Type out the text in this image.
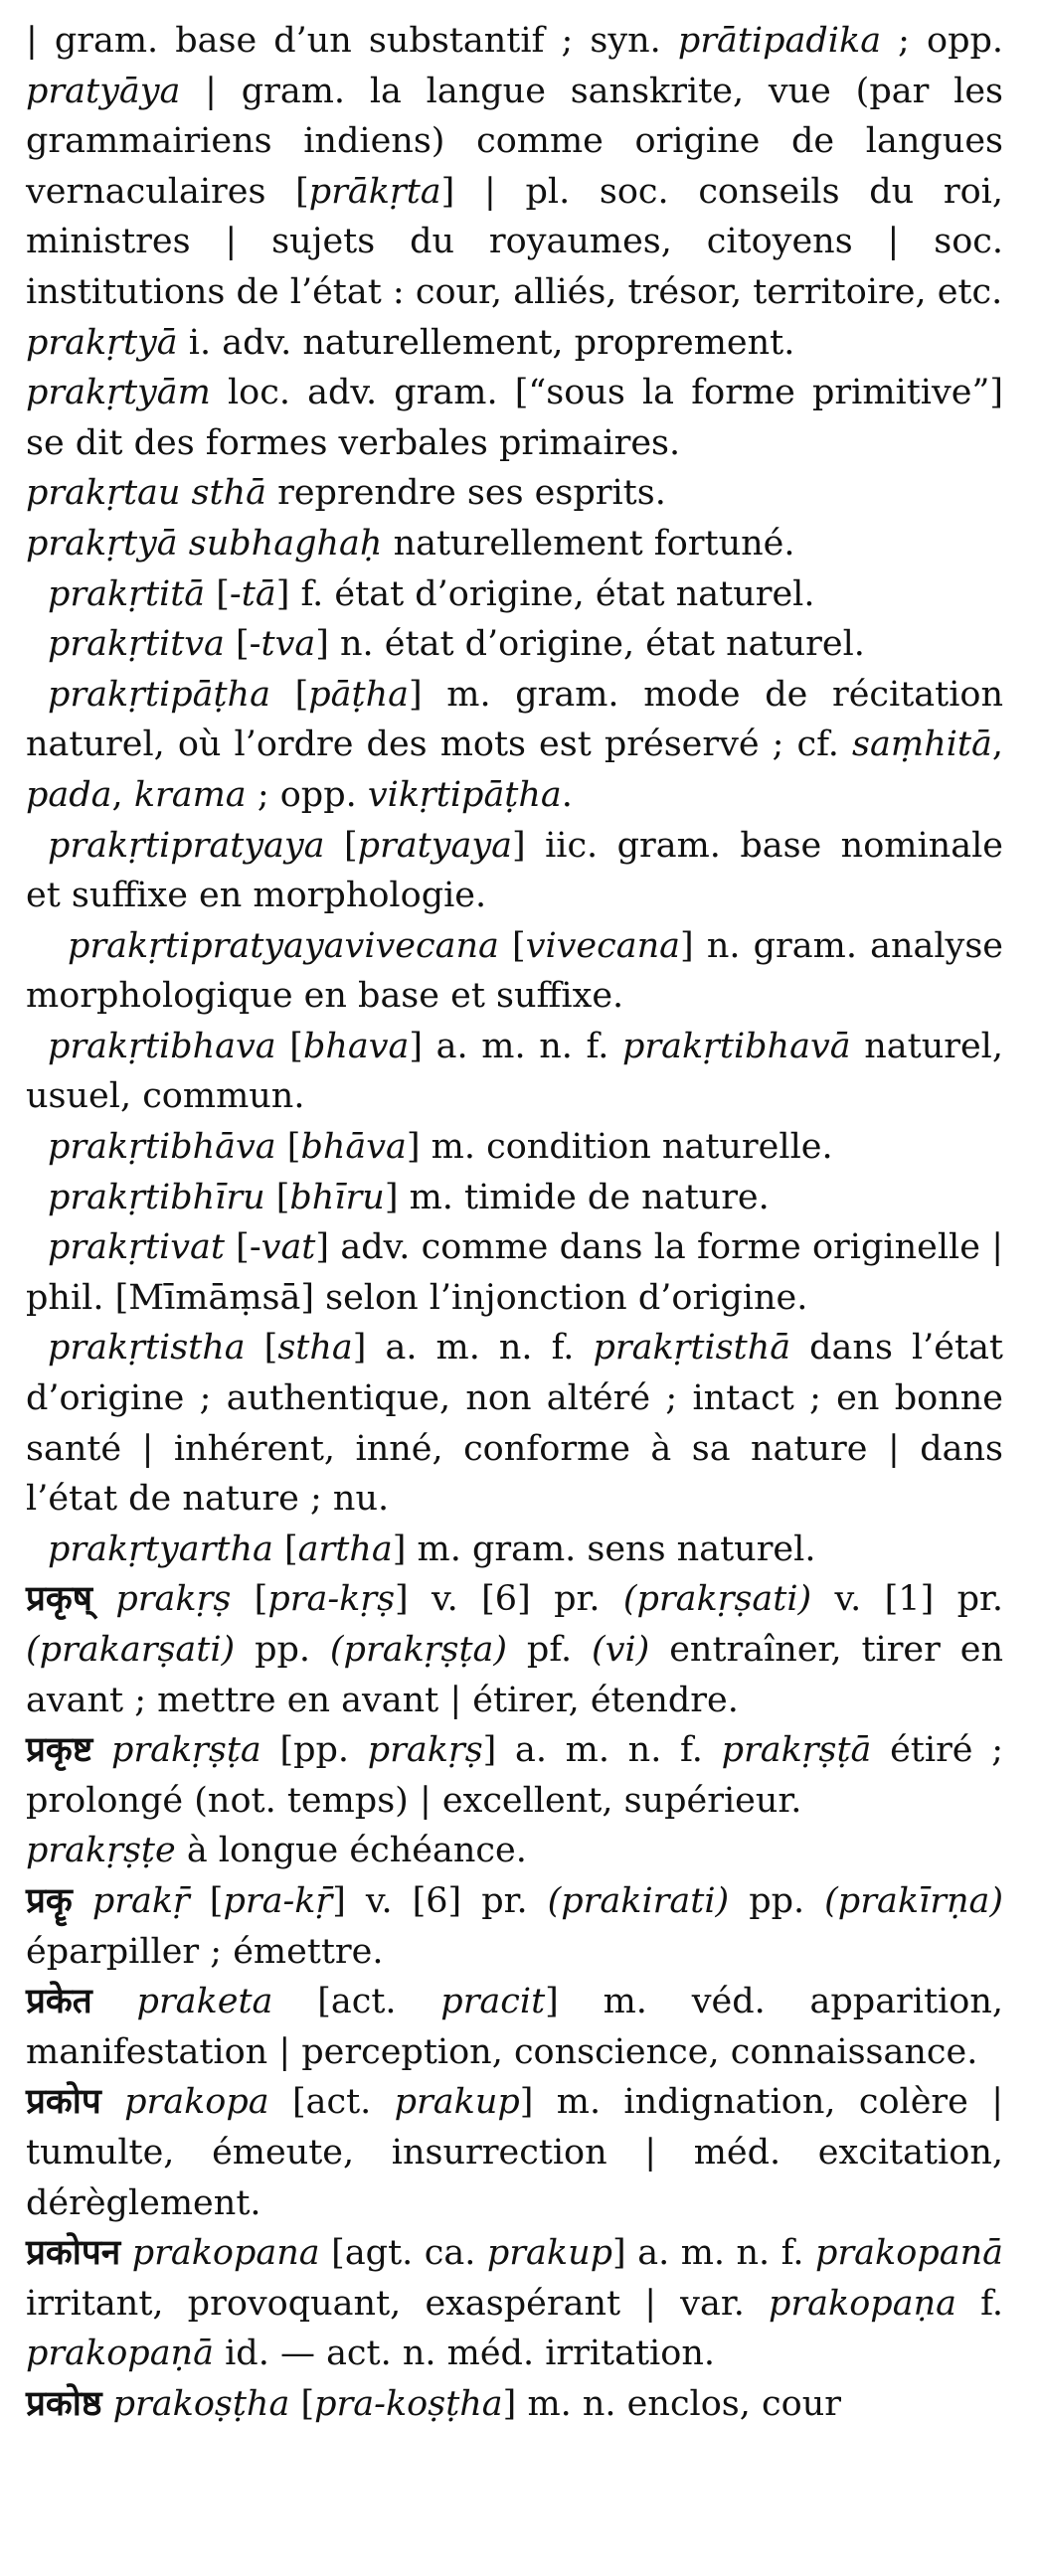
| gram. base d’un substantif ; syn. prātipadika ; opp. pratyāya | gram. la langue sanskrite, vue (par les grammairiens indiens) comme origine de langues vernaculaires [prākṛta] | pl. soc. conseils du roi, ministres | sujets du royaumes, citoyens | soc. institutions de l’état : cour, alliés, trésor, territoire, etc.

prakṛtyā i. adv. naturellement, proprement.

prakṛtyām loc. adv. gram. [“sous la forme primitive”] se dit des formes verbales primaires.

prakṛtau sthā reprendre ses esprits.

prakṛtyā subhaghaḥ naturellement fortuné.

prakṛtitā [-tā] f. état d’origine, état naturel.

prakṛtitva [-tva] n. état d’origine, état naturel.

prakṛtipāṭha [pāṭha] m. gram. mode de récitation naturel, où l’ordre des mots est préservé ; cf. saṃhitā, pada, krama ; opp. vikṛtipāṭha.

prakṛtipratyaya [pratyaya] iic. gram. base nominale et suffixe en morphologie.

prakṛtipratyayavivecana [vivecana] n. gram. analyse morphologique en base et suffixe.

prakṛtibhava [bhava] a. m. n. f. prakṛtibhavā naturel, usuel, commun.

prakṛtibhāva [bhāva] m. condition naturelle.

prakṛtibhīru [bhīru] m. timide de nature.

prakṛtivat [-vat] adv. comme dans la forme originelle | phil. [Mīmāṃsā] selon l’injonction d’origine.

prakṛtistha [stha] a. m. n. f. prakṛtisthā dans l’état d’origine ; authentique, non altéré ; intact ; en bonne santé | inhérent, inné, conforme à sa nature | dans l’état de nature ; nu.

prakṛtyartha [artha] m. gram. sens naturel.

प्रकृष् prakṛṣ [pra-kṛṣ] v. [6] pr. (prakṛṣati) v. [1] pr. (prakarṣati) pp. (prakṛṣṭa) pf. (vi) entraîner, tirer en avant ; mettre en avant | étirer, étendre.

प्रकृष्ट prakṛṣṭa [pp. prakṛṣ] a. m. n. f. prakṛṣṭā étiré ; prolongé (not. temps) | excellent, supérieur.

prakṛṣṭe à longue échéance.

प्रकॄ prakṝ [pra-kṝ] v. [6] pr. (prakirati) pp. (prakīrṇa) éparpiller ; émettre.

प्रकेत praketa [act. pracit] m. véd. apparition, manifestation | perception, conscience, connaissance.

प्रकोप prakopa [act. prakup] m. indignation, colère | tumulte, émeute, insurrection | méd. excitation, dérèglement.

प्रकोपन prakopana [agt. ca. prakup] a. m. n. f. prakopanā irritant, provoquant, exaspérant | var. prakopaṇa f. prakopaṇā id. — act. n. méd. irritation.

प्रकोष्ठ prakoṣṭha [pra-koṣṭha] m. n. enclos, cour
